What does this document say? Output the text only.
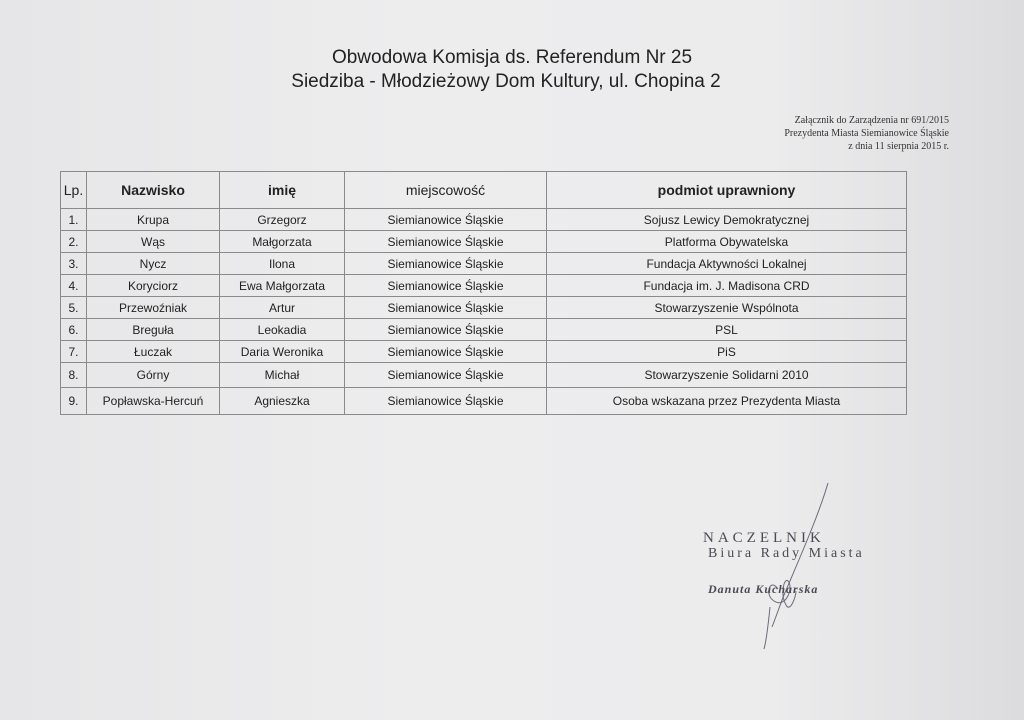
Obwodowa Komisja ds. Referendum Nr 25
Siedziba - Młodzieżowy Dom Kultury, ul. Chopina 2
Załącznik do Zarządzenia nr 691/2015
Prezydenta Miasta Siemianowice Śląskie
z dnia 11 sierpnia 2015 r.
Lp.	Nazwisko	imię	miejscowość	podmiot uprawniony
1.	Krupa	Grzegorz	Siemianowice Śląskie	Sojusz Lewicy Demokratycznej
2.	Wąs	Małgorzata	Siemianowice Śląskie	Platforma Obywatelska
3.	Nycz	Ilona	Siemianowice Śląskie	Fundacja Aktywności Lokalnej
4.	Koryciorz	Ewa Małgorzata	Siemianowice Śląskie	Fundacja im. J. Madisona CRD
5.	Przewoźniak	Artur	Siemianowice Śląskie	Stowarzyszenie Wspólnota
6.	Breguła	Leokadia	Siemianowice Śląskie	PSL
7.	Łuczak	Daria Weronika	Siemianowice Śląskie	PiS
8.	Górny	Michał	Siemianowice Śląskie	Stowarzyszenie Solidarni 2010
9.	Popławska-Hercuń	Agnieszka	Siemianowice Śląskie	Osoba wskazana przez Prezydenta Miasta
NACZELNIK
Biura Rady Miasta
Danuta Kucharska
